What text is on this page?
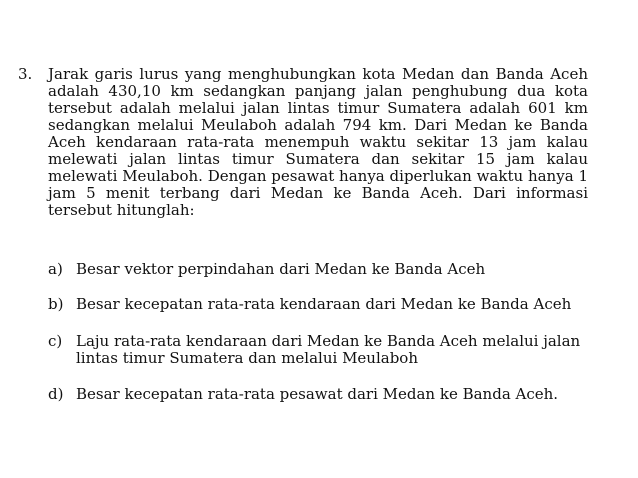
3.	Jarak garis lurus yang menghubungkan kota Medan dan Banda Aceh adalah 430,10 km sedangkan panjang jalan penghubung dua kota tersebut adalah melalui jalan lintas timur Sumatera adalah 601 km sedangkan melalui Meulaboh adalah 794 km. Dari Medan ke Banda Aceh kendaraan rata-rata menempuh waktu sekitar 13 jam kalau melewati jalan lintas timur Sumatera dan sekitar 15 jam kalau melewati Meulaboh. Dengan pesawat hanya diperlukan waktu hanya 1 jam 5 menit terbang dari Medan ke Banda Aceh. Dari informasi tersebut hitunglah:
a) Besar vektor perpindahan dari Medan ke Banda Aceh
b) Besar kecepatan rata-rata kendaraan dari Medan ke Banda Aceh
c) Laju rata-rata kendaraan dari Medan ke Banda Aceh melalui jalan lintas timur Sumatera dan melalui Meulaboh
d) Besar kecepatan rata-rata pesawat dari Medan ke Banda Aceh.
